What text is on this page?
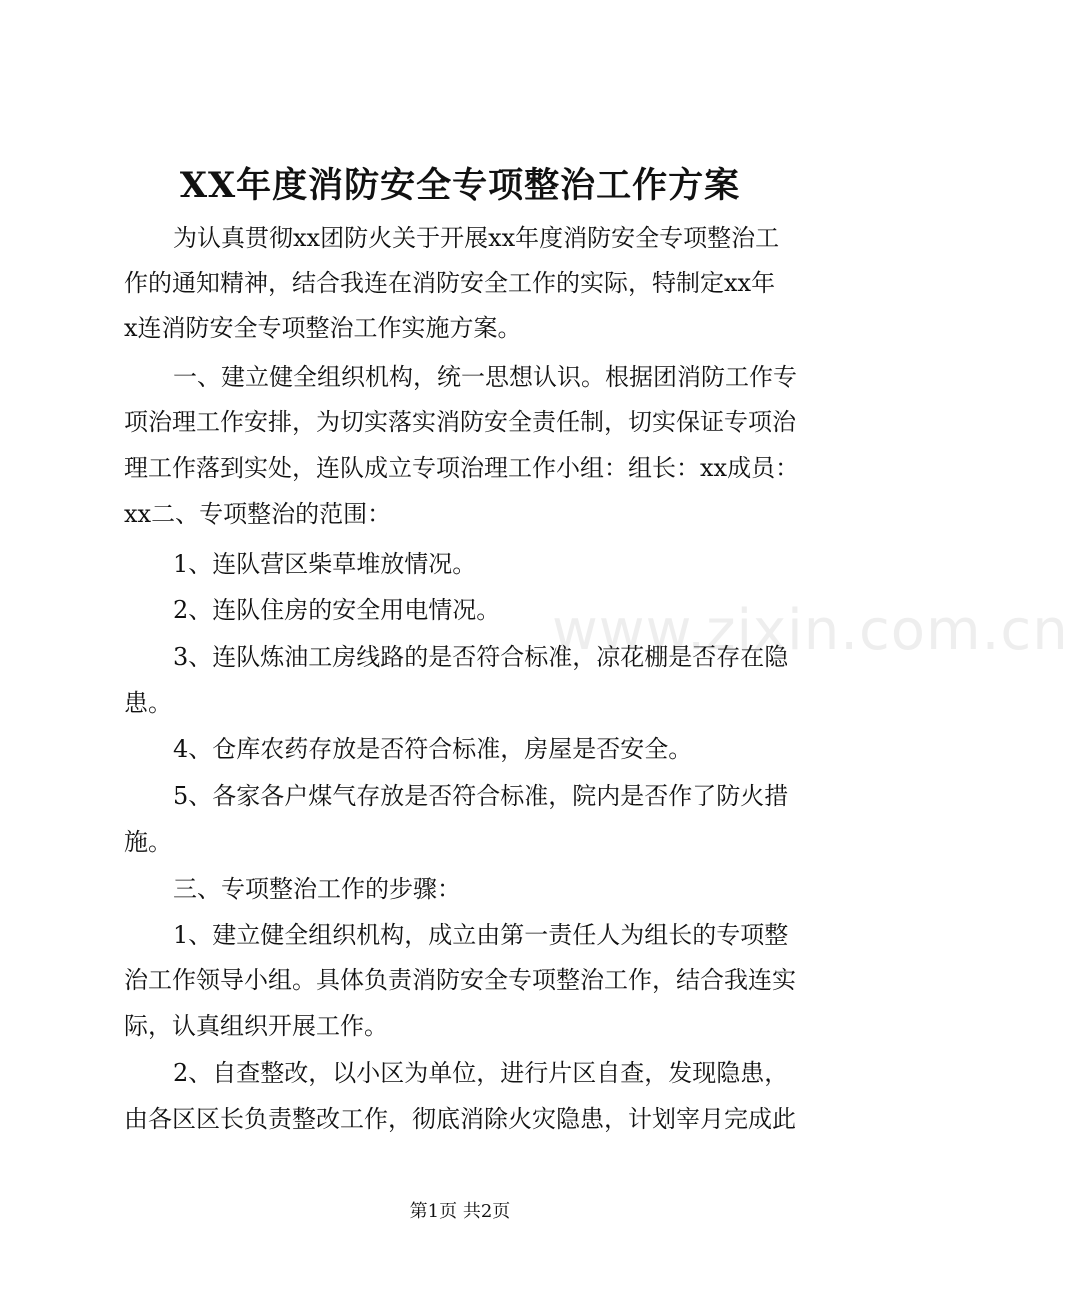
www.zixin.com.cn
XX年度消防安全专项整治工作方案
为认真贯彻xx团防火关于开展xx年度消防安全专项整治工
作的通知精神，结合我连在消防安全工作的实际，特制定xx年
x连消防安全专项整治工作实施方案。
一、建立健全组织机构，统一思想认识。根据团消防工作专
项治理工作安排，为切实落实消防安全责任制，切实保证专项治
理工作落到实处，连队成立专项治理工作小组：组长：xx成员：
xx二、专项整治的范围：
1、连队营区柴草堆放情况。
2、连队住房的安全用电情况。
3、连队炼油工房线路的是否符合标准，凉花棚是否存在隐
患。
4、仓库农药存放是否符合标准，房屋是否安全。
5、各家各户煤气存放是否符合标准，院内是否作了防火措
施。
三、专项整治工作的步骤：
1、建立健全组织机构，成立由第一责任人为组长的专项整
治工作领导小组。具体负责消防安全专项整治工作，结合我连实
际，认真组织开展工作。
2、自查整改，以小区为单位，进行片区自查，发现隐患，
由各区区长负责整改工作，彻底消除火灾隐患，计划宰月完成此
第1页 共2页
